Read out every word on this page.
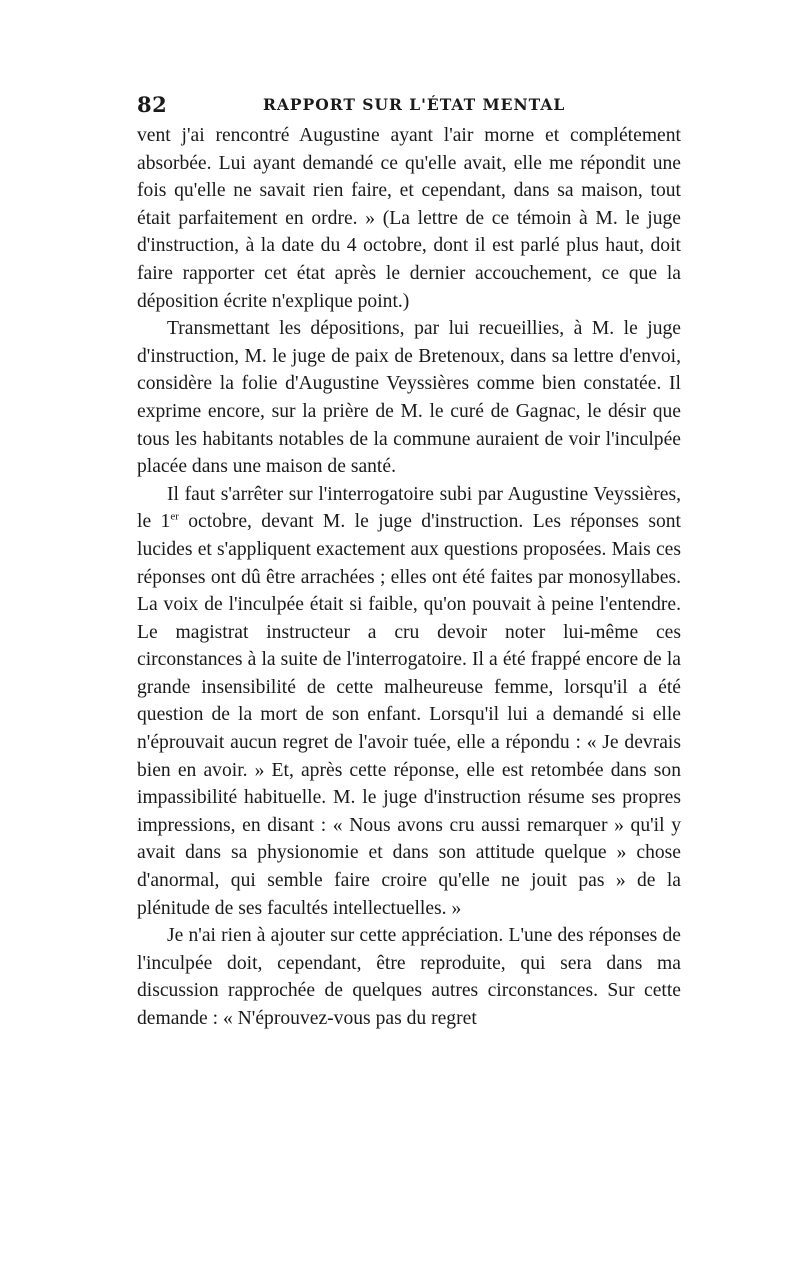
82	RAPPORT SUR L'ÉTAT MENTAL

vent j'ai rencontré Augustine ayant l'air morne et complétement absorbée. Lui ayant demandé ce qu'elle avait, elle me répondit une fois qu'elle ne savait rien faire, et cependant, dans sa maison, tout était parfaitement en ordre. » (La lettre de ce témoin à M. le juge d'instruction, à la date du 4 octobre, dont il est parlé plus haut, doit faire rapporter cet état après le dernier accouchement, ce que la déposition écrite n'explique point.)

Transmettant les dépositions, par lui recueillies, à M. le juge d'instruction, M. le juge de paix de Bretenoux, dans sa lettre d'envoi, considère la folie d'Augustine Veyssières comme bien constatée. Il exprime encore, sur la prière de M. le curé de Gagnac, le désir que tous les habitants notables de la commune auraient de voir l'inculpée placée dans une maison de santé.

Il faut s'arrêter sur l'interrogatoire subi par Augustine Veyssières, le 1er octobre, devant M. le juge d'instruction. Les réponses sont lucides et s'appliquent exactement aux questions proposées. Mais ces réponses ont dû être arrachées ; elles ont été faites par monosyllabes. La voix de l'inculpée était si faible, qu'on pouvait à peine l'entendre. Le magistrat instructeur a cru devoir noter lui-même ces circonstances à la suite de l'interrogatoire. Il a été frappé encore de la grande insensibilité de cette malheureuse femme, lorsqu'il a été question de la mort de son enfant. Lorsqu'il lui a demandé si elle n'éprouvait aucun regret de l'avoir tuée, elle a répondu : « Je devrais bien en avoir. » Et, après cette réponse, elle est retombée dans son impassibilité habituelle. M. le juge d'instruction résume ses propres impressions, en disant : « Nous avons cru aussi remarquer » qu'il y avait dans sa physionomie et dans son attitude quelque » chose d'anormal, qui semble faire croire qu'elle ne jouit pas » de la plénitude de ses facultés intellectuelles. »

Je n'ai rien à ajouter sur cette appréciation. L'une des réponses de l'inculpée doit, cependant, être reproduite, qui sera dans ma discussion rapprochée de quelques autres circonstances. Sur cette demande : « N'éprouvez-vous pas du regret
